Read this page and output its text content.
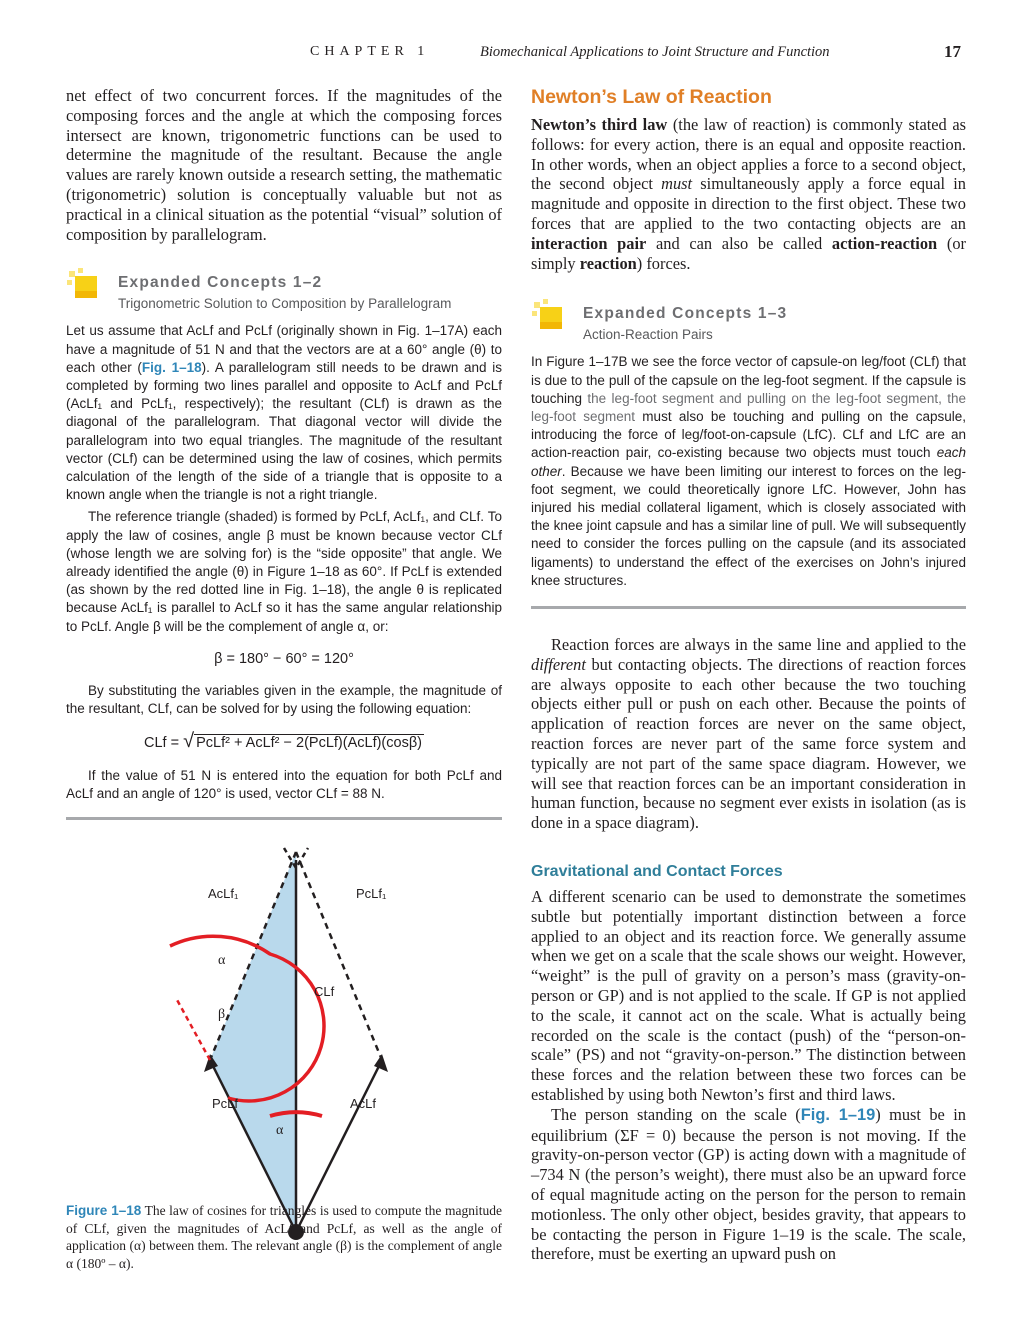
CHAPTER 1	Biomechanical Applications to Joint Structure and Function	17

net effect of two concurrent forces. If the magnitudes of the composing forces and the angle at which the composing forces intersect are known, trigonometric functions can be used to determine the magnitude of the resultant. Because the angle values are rarely known outside a research setting, the mathematic (trigonometric) solution is conceptually valuable but not as practical in a clinical situation as the potential “visual” solution of composition by parallelogram.

Expanded Concepts 1–2
Trigonometric Solution to Composition by Parallelogram

Let us assume that AcLf and PcLf (originally shown in Fig. 1–17A) each have a magnitude of 51 N and that the vectors are at a 60° angle (θ) to each other (Fig. 1–18). A parallelogram still needs to be drawn and is completed by forming two lines parallel and opposite to AcLf and PcLf (AcLf₁ and PcLf₁, respectively); the resultant (CLf) is drawn as the diagonal of the parallelogram. That diagonal vector will divide the parallelogram into two equal triangles. The magnitude of the resultant vector (CLf) can be determined using the law of cosines, which permits calculation of the length of the side of a triangle that is opposite to a known angle when the triangle is not a right triangle.

The reference triangle (shaded) is formed by PcLf, AcLf₁, and CLf. To apply the law of cosines, angle β must be known because vector CLf (whose length we are solving for) is the “side opposite” that angle. We already identified the angle (θ) in Figure 1–18 as 60°. If PcLf is extended (as shown by the red dotted line in Fig. 1–18), the angle θ is replicated because AcLf₁ is parallel to AcLf so it has the same angular relationship to PcLf. Angle β will be the complement of angle α, or:

β = 180° − 60° = 120°

By substituting the variables given in the example, the magnitude of the resultant, CLf, can be solved for by using the following equation:

CLf = √ PcLf² + AcLf² − 2(PcLf)(AcLf)(cosβ)

If the value of 51 N is entered into the equation for both PcLf and AcLf and an angle of 120° is used, vector CLf = 88 N.

AcLf₁	PcLf₁
α
β
CLf
PcLf	AcLf
α
Figure 1–18 The law of cosines for triangles is used to compute the magnitude of CLf, given the magnitudes of AcLf and PcLf, as well as the angle of application (α) between them. The relevant angle (β) is the complement of angle α (180º – α).
Newton’s Law of Reaction

Newton’s third law (the law of reaction) is commonly stated as follows: for every action, there is an equal and opposite reaction. In other words, when an object applies a force to a second object, the second object must simultaneously apply a force equal in magnitude and opposite in direction to the first object. These two forces that are applied to the two contacting objects are an interaction pair and can also be called action-reaction (or simply reaction) forces.

Expanded Concepts 1–3
Action-Reaction Pairs

In Figure 1–17B we see the force vector of capsule-on leg/foot (CLf) that is due to the pull of the capsule on the leg-foot segment. If the capsule is touching the leg-foot segment and pulling on the leg-foot segment, the leg-foot segment must also be touching and pulling on the capsule, introducing the force of leg/foot-on-capsule (LfC). CLf and LfC are an action-reaction pair, co-existing because two objects must touch each other. Because we have been limiting our interest to forces on the leg-foot segment, we could theoretically ignore LfC. However, John has injured his medial collateral ligament, which is closely associated with the knee joint capsule and has a similar line of pull. We will subsequently need to consider the forces pulling on the capsule (and its associated ligaments) to understand the effect of the exercises on John’s injured knee structures.

Reaction forces are always in the same line and applied to the different but contacting objects. The directions of reaction forces are always opposite to each other because the two touching objects either pull or push on each other. Because the points of application of reaction forces are never on the same object, reaction forces are never part of the same force system and typically are not part of the same space diagram. However, we will see that reaction forces can be an important consideration in human function, because no segment ever exists in isolation (as is done in a space diagram).

Gravitational and Contact Forces

A different scenario can be used to demonstrate the sometimes subtle but potentially important distinction between a force applied to an object and its reaction force. We generally assume when we get on a scale that the scale shows our weight. However, “weight” is the pull of gravity on a person’s mass (gravity-on-person or GP) and is not applied to the scale. If GP is not applied to the scale, it cannot act on the scale. What is actually being recorded on the scale is the contact (push) of the “person-on-scale” (PS) and not “gravity-on-person.” The distinction between these forces and the relation between these two forces can be established by using both Newton’s first and third laws.

The person standing on the scale (Fig. 1–19) must be in equilibrium (ΣF = 0) because the person is not moving. If the gravity-on-person vector (GP) is acting down with a magnitude of –734 N (the person’s weight), there must also be an upward force of equal magnitude acting on the person for the person to remain motionless. The only other object, besides gravity, that appears to be contacting the person in Figure 1–19 is the scale. The scale, therefore, must be exerting an upward push on
